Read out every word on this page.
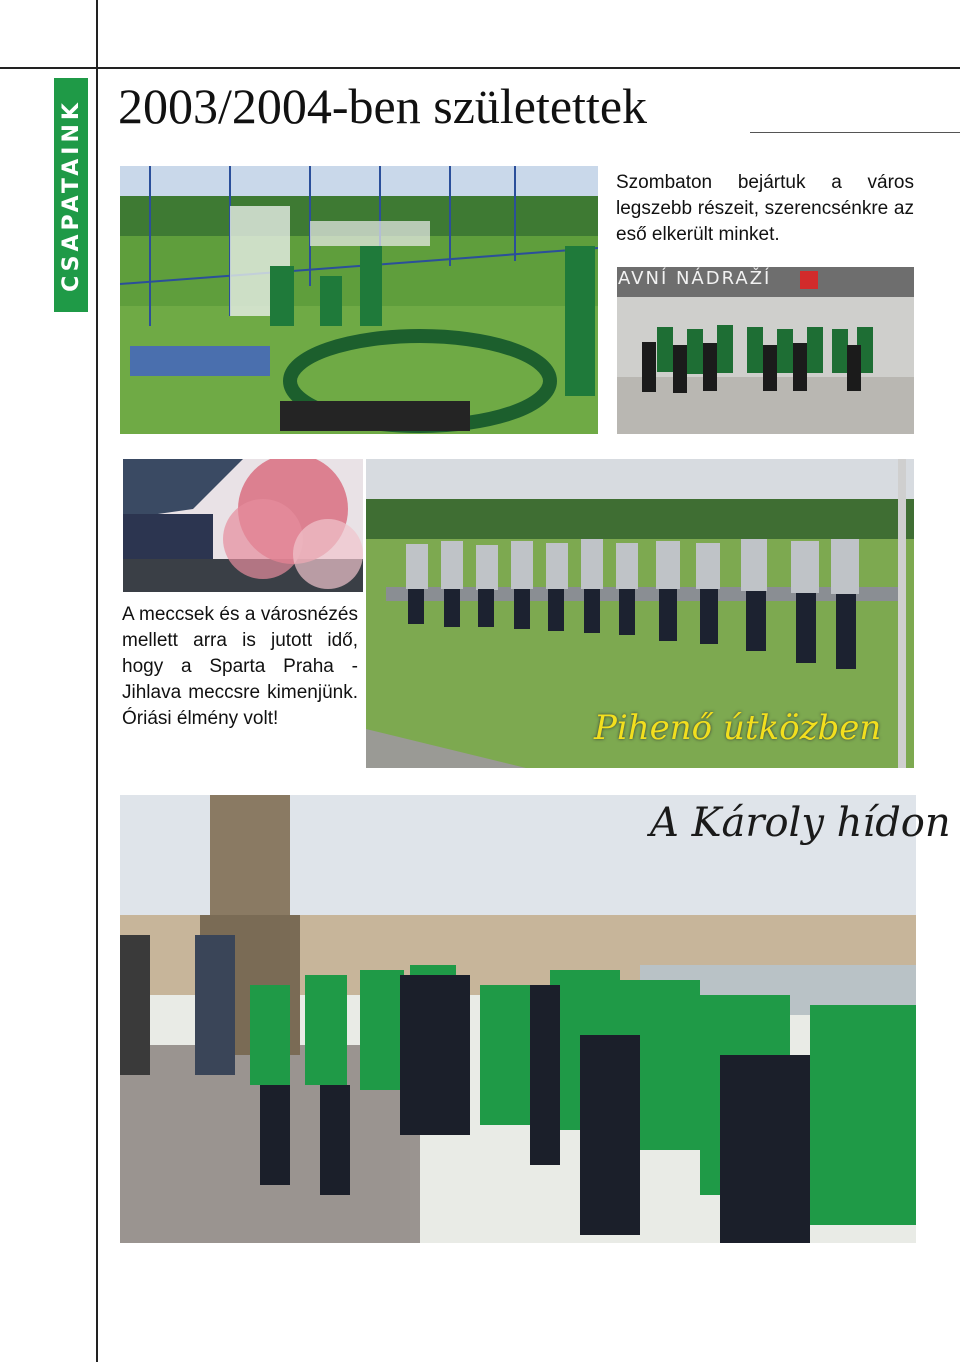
CSAPATAINK 2003/2004-ben születettek
Szombaton bejártuk a város legszebb részeit, szerencsénkre az eső elkerült minket.
AVNÍ NÁDRAŽÍ
A meccsek és a városnézés mellett arra is jutott idő, hogy a Sparta Praha - Jihlava meccsre kimenjünk. Óriási élmény volt!	Pihenő útközben
A Károly hídon
